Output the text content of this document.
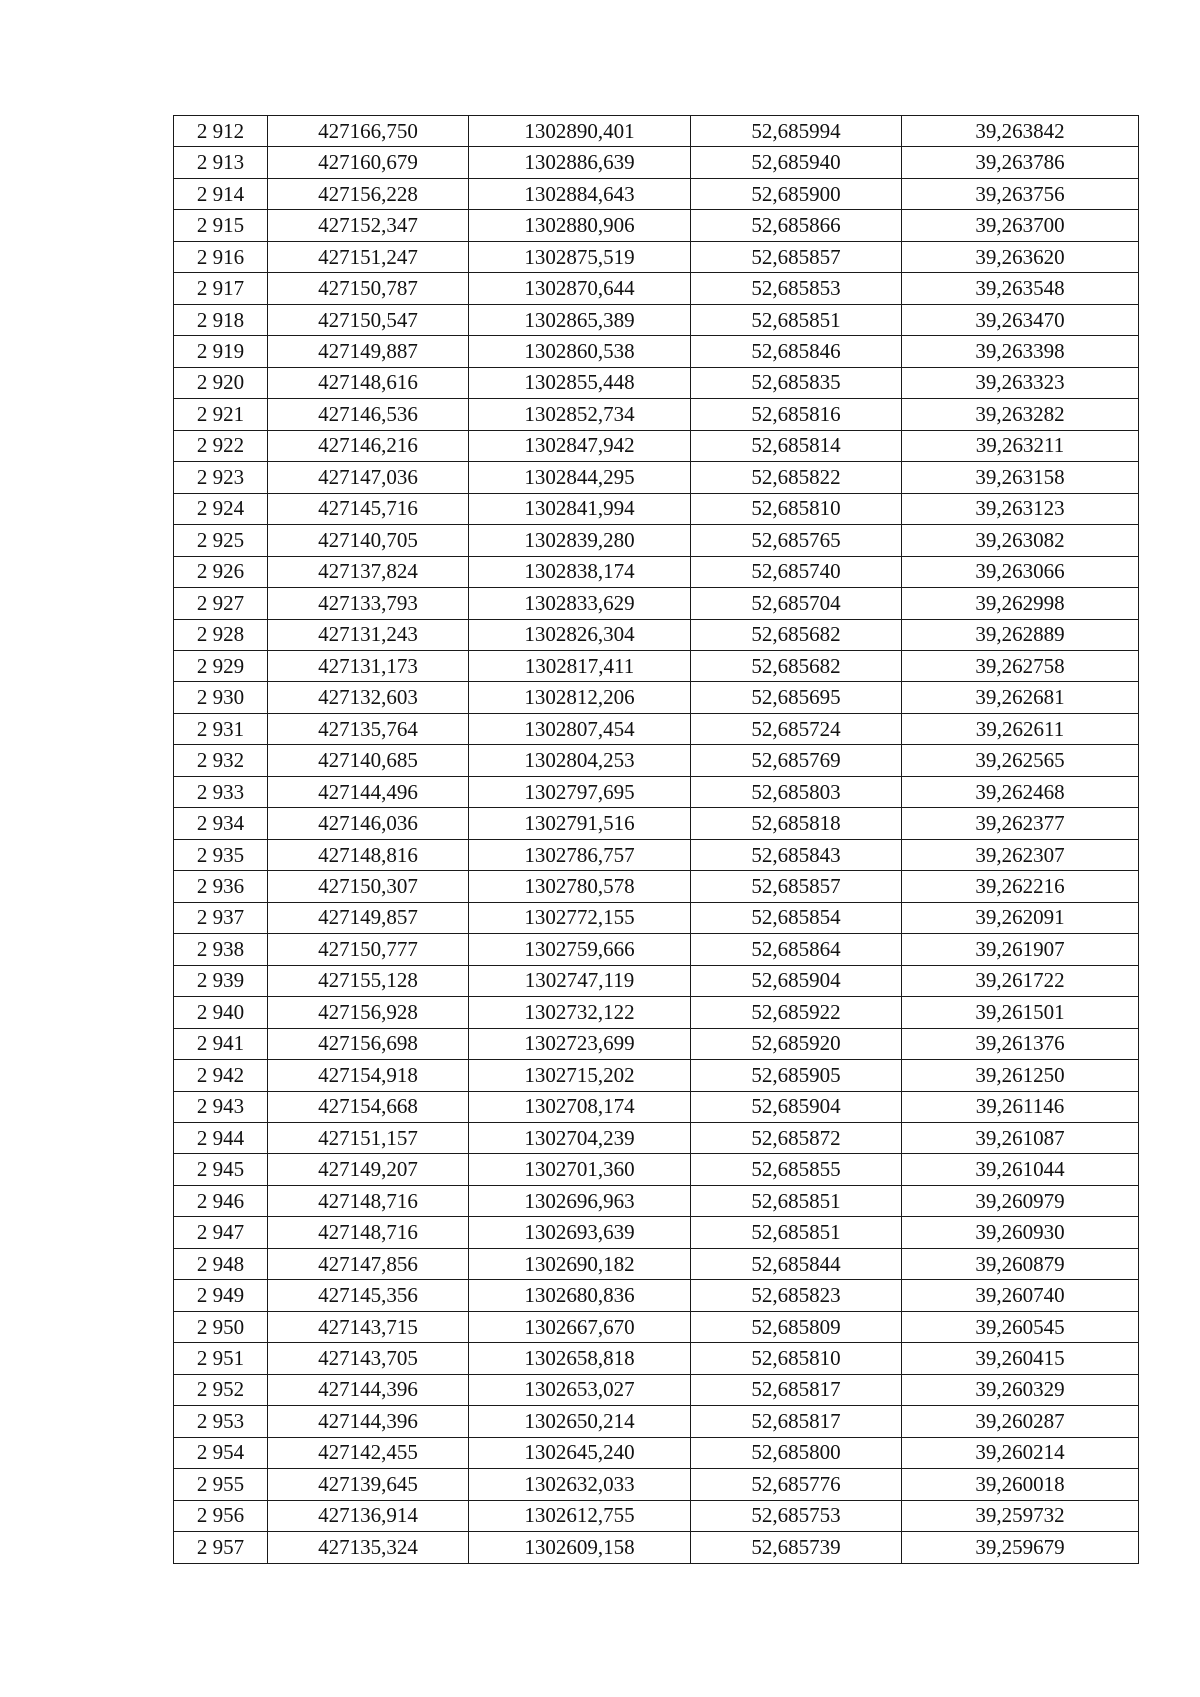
2 912	427166,750	1302890,401	52,685994	39,263842
2 913	427160,679	1302886,639	52,685940	39,263786
2 914	427156,228	1302884,643	52,685900	39,263756
2 915	427152,347	1302880,906	52,685866	39,263700
2 916	427151,247	1302875,519	52,685857	39,263620
2 917	427150,787	1302870,644	52,685853	39,263548
2 918	427150,547	1302865,389	52,685851	39,263470
2 919	427149,887	1302860,538	52,685846	39,263398
2 920	427148,616	1302855,448	52,685835	39,263323
2 921	427146,536	1302852,734	52,685816	39,263282
2 922	427146,216	1302847,942	52,685814	39,263211
2 923	427147,036	1302844,295	52,685822	39,263158
2 924	427145,716	1302841,994	52,685810	39,263123
2 925	427140,705	1302839,280	52,685765	39,263082
2 926	427137,824	1302838,174	52,685740	39,263066
2 927	427133,793	1302833,629	52,685704	39,262998
2 928	427131,243	1302826,304	52,685682	39,262889
2 929	427131,173	1302817,411	52,685682	39,262758
2 930	427132,603	1302812,206	52,685695	39,262681
2 931	427135,764	1302807,454	52,685724	39,262611
2 932	427140,685	1302804,253	52,685769	39,262565
2 933	427144,496	1302797,695	52,685803	39,262468
2 934	427146,036	1302791,516	52,685818	39,262377
2 935	427148,816	1302786,757	52,685843	39,262307
2 936	427150,307	1302780,578	52,685857	39,262216
2 937	427149,857	1302772,155	52,685854	39,262091
2 938	427150,777	1302759,666	52,685864	39,261907
2 939	427155,128	1302747,119	52,685904	39,261722
2 940	427156,928	1302732,122	52,685922	39,261501
2 941	427156,698	1302723,699	52,685920	39,261376
2 942	427154,918	1302715,202	52,685905	39,261250
2 943	427154,668	1302708,174	52,685904	39,261146
2 944	427151,157	1302704,239	52,685872	39,261087
2 945	427149,207	1302701,360	52,685855	39,261044
2 946	427148,716	1302696,963	52,685851	39,260979
2 947	427148,716	1302693,639	52,685851	39,260930
2 948	427147,856	1302690,182	52,685844	39,260879
2 949	427145,356	1302680,836	52,685823	39,260740
2 950	427143,715	1302667,670	52,685809	39,260545
2 951	427143,705	1302658,818	52,685810	39,260415
2 952	427144,396	1302653,027	52,685817	39,260329
2 953	427144,396	1302650,214	52,685817	39,260287
2 954	427142,455	1302645,240	52,685800	39,260214
2 955	427139,645	1302632,033	52,685776	39,260018
2 956	427136,914	1302612,755	52,685753	39,259732
2 957	427135,324	1302609,158	52,685739	39,259679
